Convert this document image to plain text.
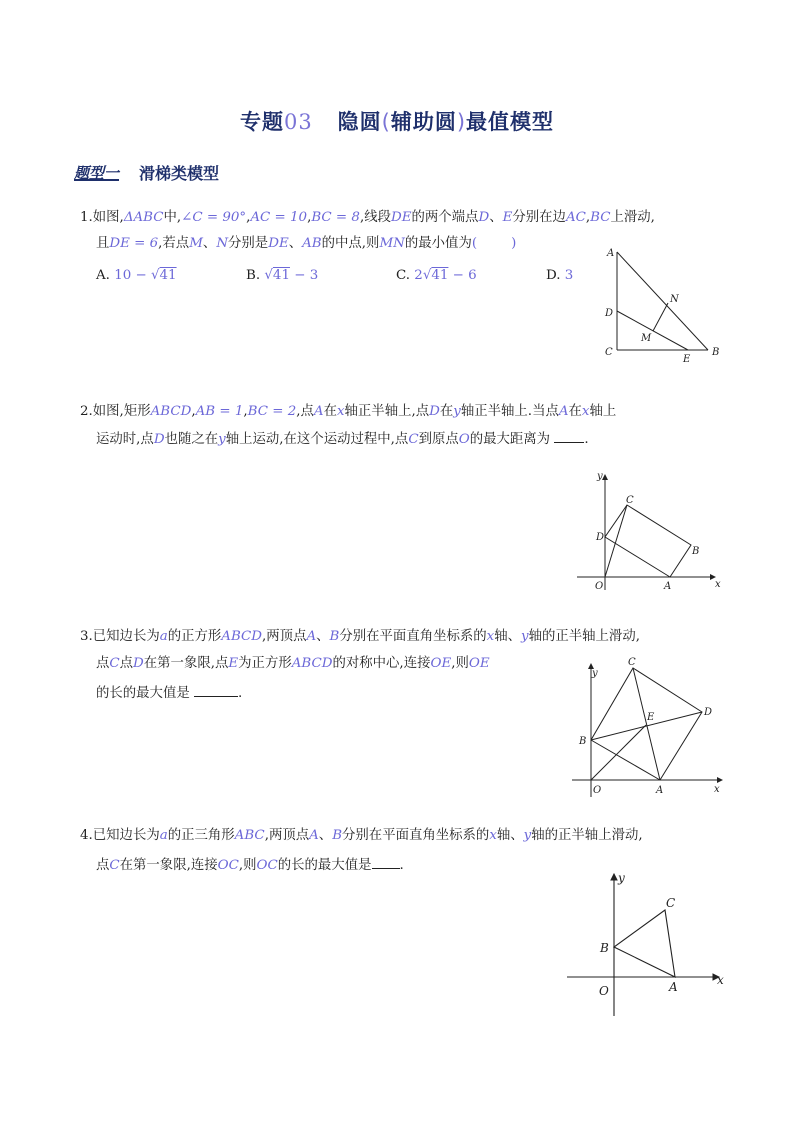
专题03 隐圆(辅助圆)最值模型
题型一 滑梯类模型
1.如图,ΔABC中,∠C = 90°,AC = 10,BC = 8,线段DE的两个端点D、E分别在边AC,BC上滑动,
且DE = 6,若点M、N分别是DE、AB的中点,则MN的最小值为(        )
A. 10 − √41	B. √41 − 3	C. 2√41 − 6	D. 3
A
D
C	B
E
M
N
2.如图,矩形ABCD,AB = 1,BC = 2,点A在x轴正半轴上,点D在y轴正半轴上.当点A在x轴上
运动时,点D也随之在y轴上运动,在这个运动过程中,点C到原点O的最大距离为	.
y
x
O	A
B
C
D
3.已知边长为a的正方形ABCD,两顶点A、B分别在平面直角坐标系的x轴、y轴的正半轴上滑动,
点C点D在第一象限,点E为正方形ABCD的对称中心,连接OE,则OE
的长的最大值是	.
y
x
O	A
B
C
D
E
4.已知边长为a的正三角形ABC,两顶点A、B分别在平面直角坐标系的x轴、y轴的正半轴上滑动,
点C在第一象限,连接OC,则OC的长的最大值是 .
y
x
O	A
B
C
